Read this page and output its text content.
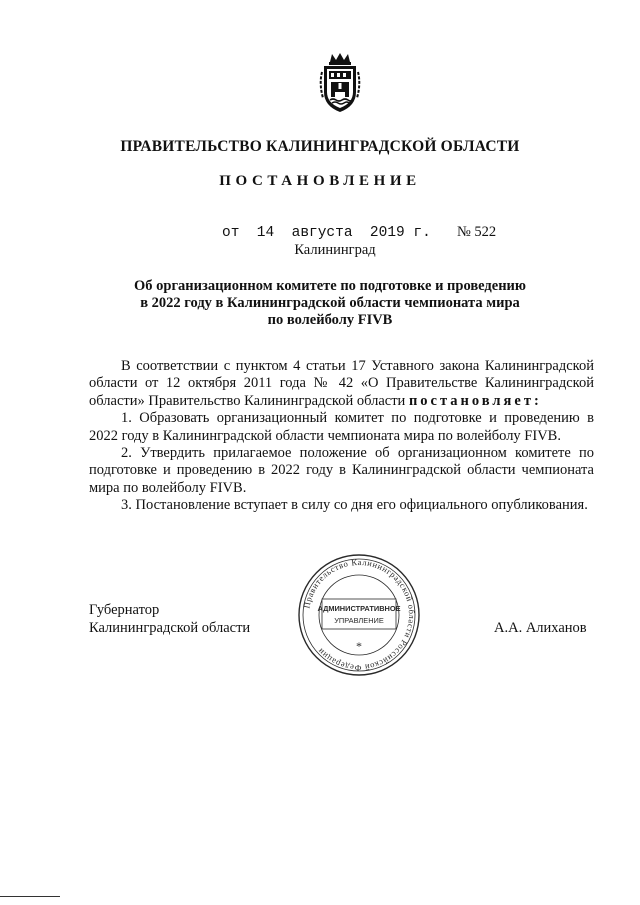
ПРАВИТЕЛЬСТВО КАЛИНИНГРАДСКОЙ ОБЛАСТИ
ПОСТАНОВЛЕНИЕ
от  14  августа  2019 г. № 522
Калининград
Об организационном комитете по подготовке и проведению
в 2022 году в Калининградской области чемпионата мира
по волейболу FIVB

В соответствии с пунктом 4 статьи 17 Уставного закона Калининградской области от 12 октября 2011 года № 42 «О Правительстве Калининградской области» Правительство Калининградской области постановляет:

1. Образовать организационный комитет по подготовке и проведению в 2022 году в Калининградской области чемпионата мира по волейболу FIVB.

2. Утвердить прилагаемое положение об организационном комитете по подготовке и проведению в 2022 году в Калининградской области чемпионата мира по волейболу FIVB.

3. Постановление вступает в силу со дня его официального опубликования.

Губернатор
Калининградской области
Правительство Калининградской области Российской Федерации
АДМИНИСТРАТИВНОЕ
УПРАВЛЕНИЕ
*
А.А. Алиханов
